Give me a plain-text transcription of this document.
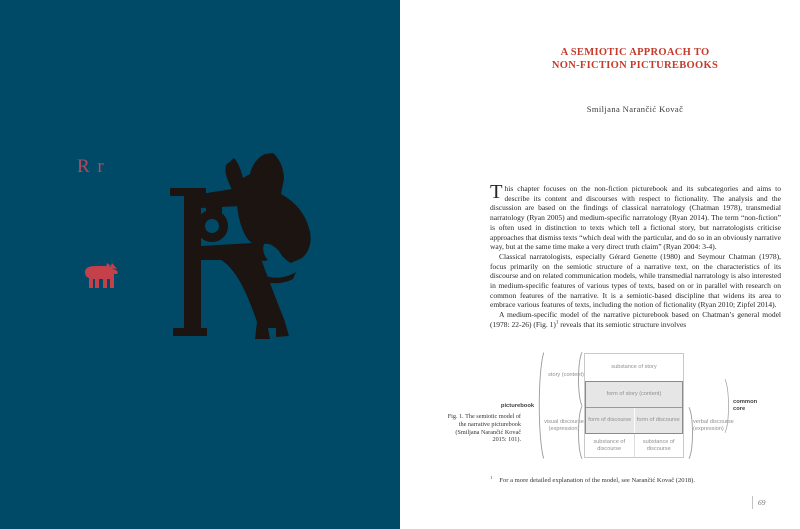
R r
A SEMIOTIC APPROACH TO
NON-FICTION PICTUREBOOKS
Smiljana Narančić Kovač

This chapter focuses on the non-fiction picturebook and its subcategories and aims to describe its content and discourses with respect to fictionality. The analysis and the discussion are based on the findings of classical narratology (Chatman 1978), transmedial narratology (Ryan 2005) and medium-specific narratology (Ryan 2014). The term “non-fiction” is often used in distinction to texts which tell a fictional story, but narratologists criticise approaches that dismiss texts “which deal with the particular, and do so in an obviously narrative way, but at the same time make a very direct truth claim” (Ryan 2004: 3-4).

Classical narratologists, especially Gérard Genette (1980) and Seymour Chatman (1978), focus primarily on the semiotic structure of a narrative text, on the characteristics of its discourse and on related communication models, while transmedial narratology is also interested in medium-specific features of various types of texts, based on or in parallel with research on common features of the narrative. It is a semiotic-based discipline that widens its area to embrace various features of texts, including the notion of fictionality (Ryan 2010; Zipfel 2014).

A medium-specific model of the narrative picturebook based on Chatman’s general model (1978: 22-26) (Fig. 1)$^1$ reveals that its semiotic structure involves

picturebook
story (content)
visual discourse (expression)
substance of story
form of story (content)
form of discourse form of discourse
substance of discourse
substance of discourse
verbal discourse (expression)
common core
Fig. 1. The semiotic model of the narrative picturebook (Smiljana Narančić Kovač 2015: 101).
$^1$ For a more detailed explanation of the model, see Narančić Kovač (2018).
69
